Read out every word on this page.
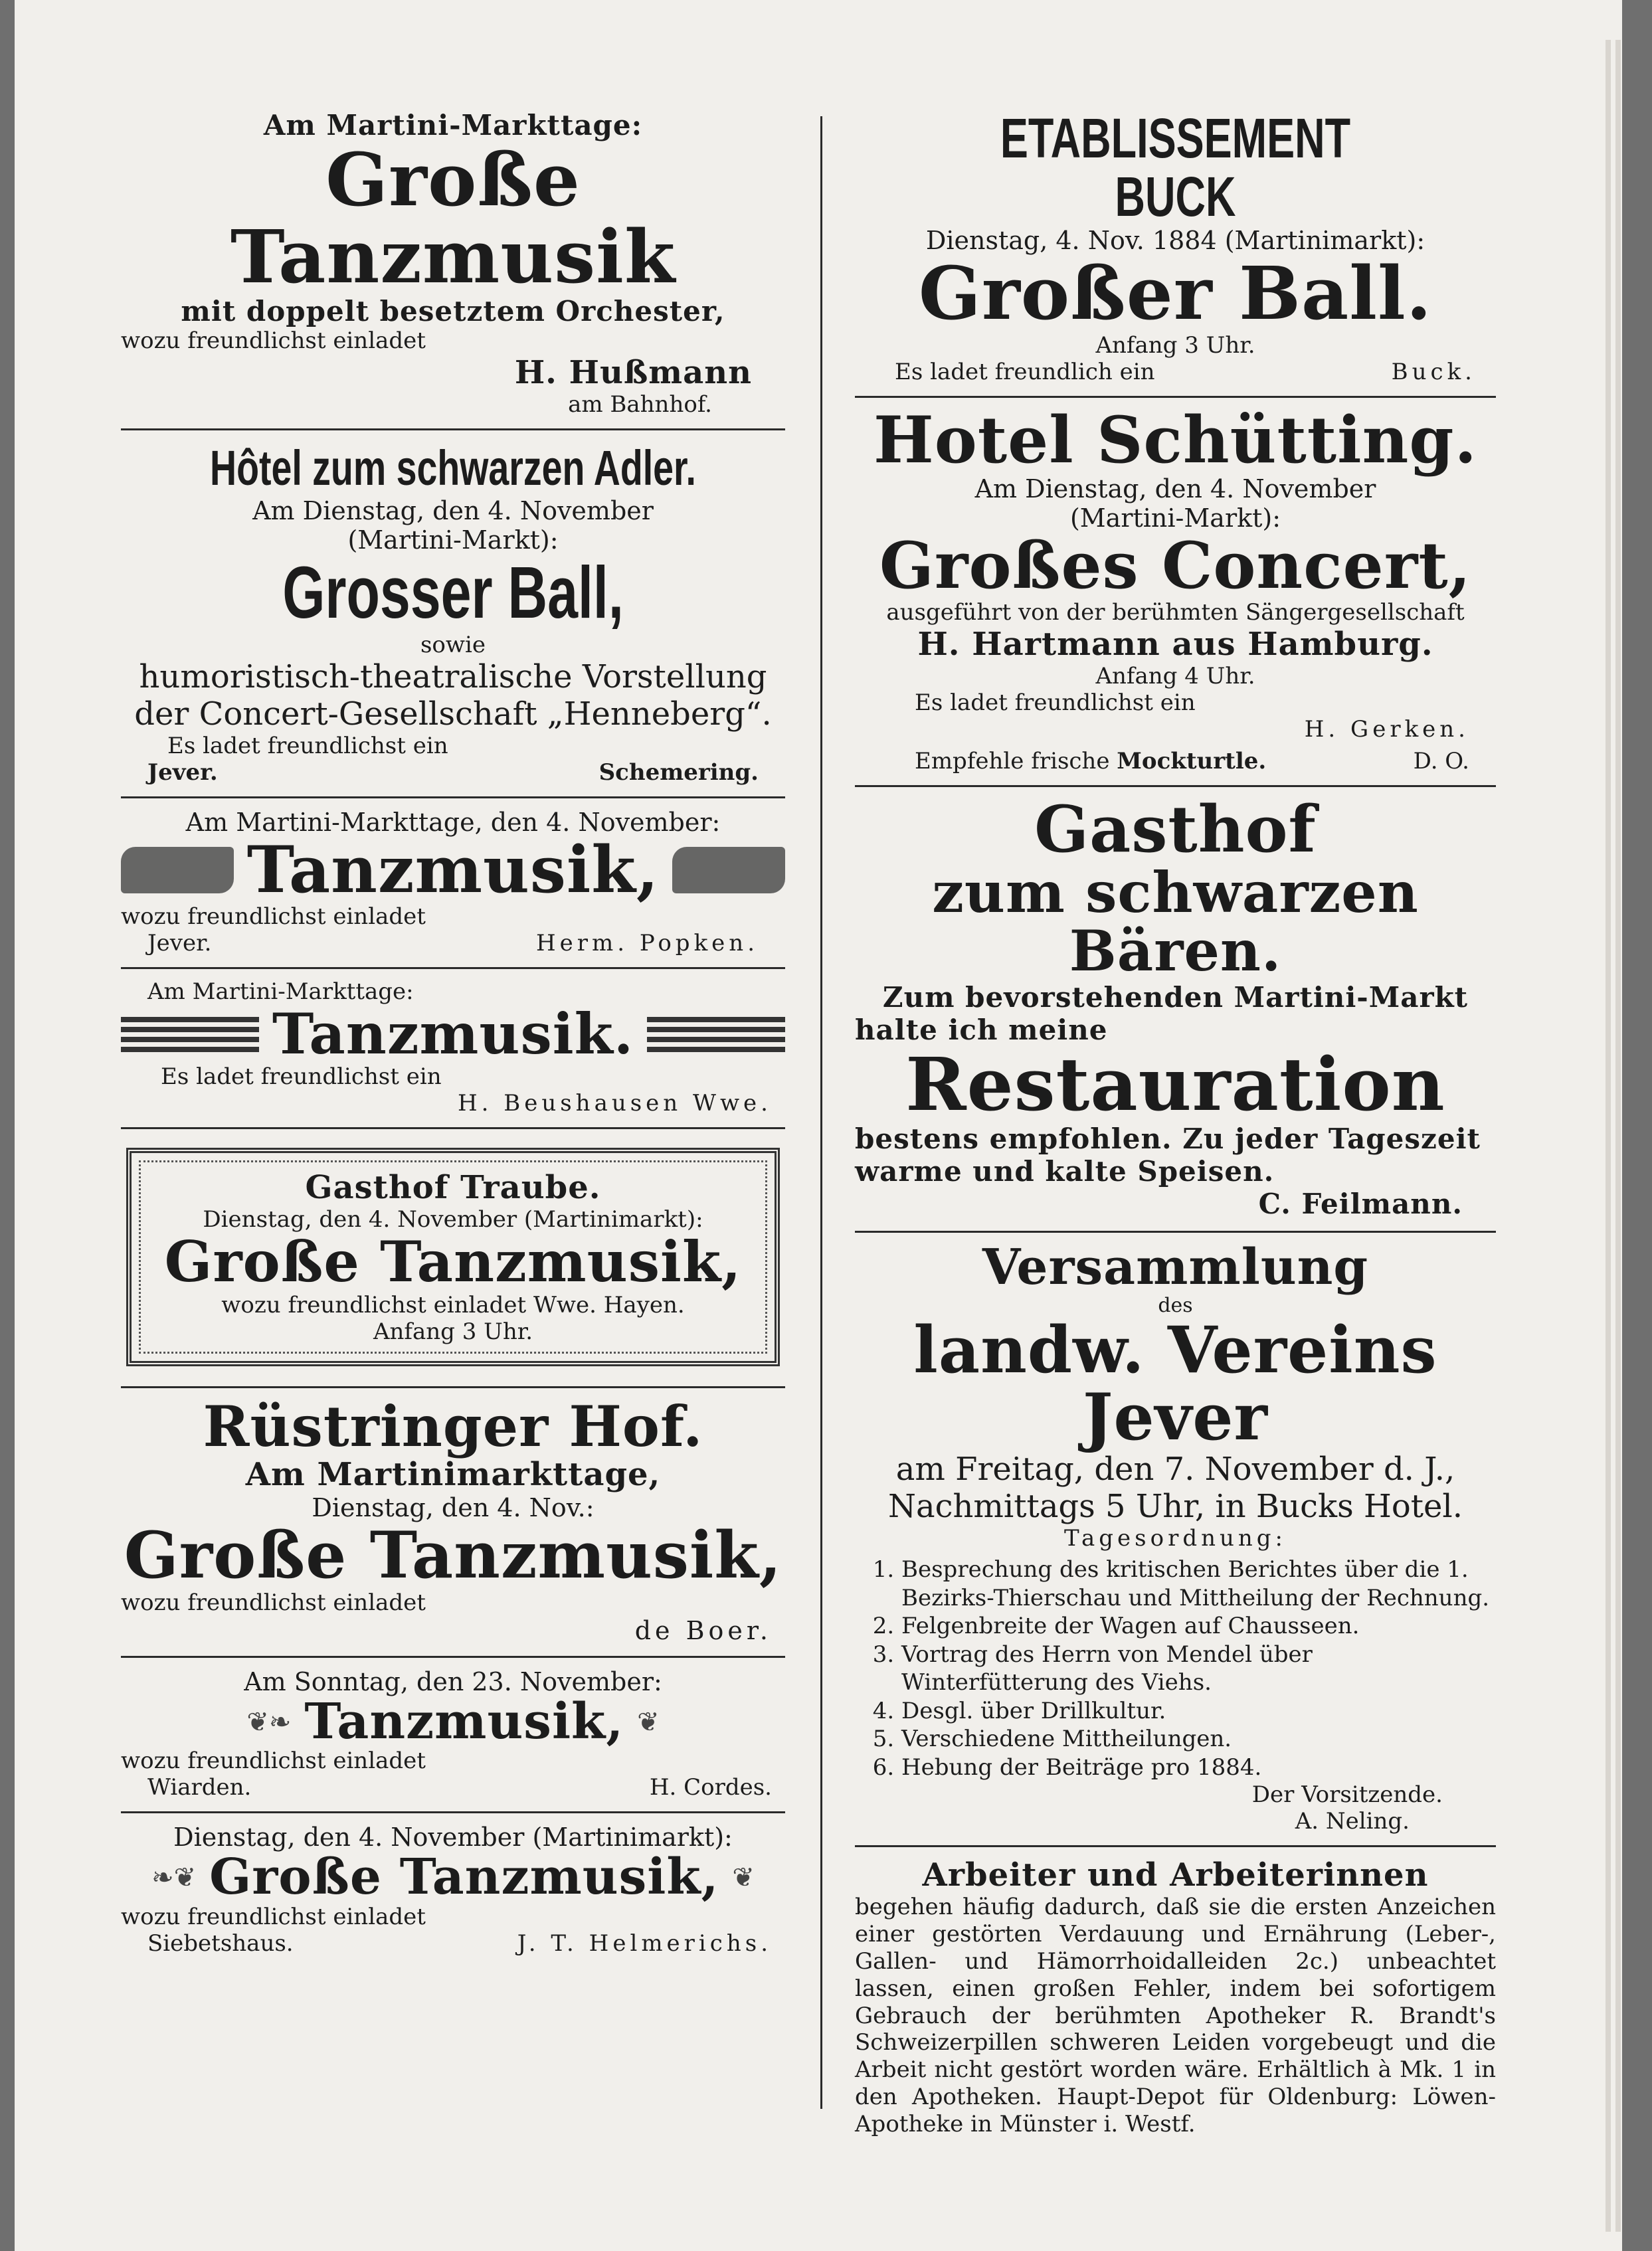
Am Martini-Markttage:
Große Tanzmusik
mit doppelt besetztem Orchester,
wozu freundlichst einladet
H. Hußmann
am Bahnhof.
Hôtel zum schwarzen Adler.
Am Dienstag, den 4. November
(Martini-Markt):
Grosser Ball,
sowie
humoristisch-theatralische Vorstellung
der Concert-Gesellschaft „Henneberg“.
Es ladet freundlichst ein
Jever.	Schemering.
Am Martini-Markttage, den 4. November:
Tanzmusik,
wozu freundlichst einladet
Jever.	Herm. Popken.
Am Martini-Markttage:
Tanzmusik.
Es ladet freundlichst ein
H. Beushausen Wwe.
Gasthof Traube.
Dienstag, den 4. November (Martinimarkt):
Große Tanzmusik,
wozu freundlichst einladet Wwe. Hayen.
Anfang 3 Uhr.
Rüstringer Hof.
Am Martinimarkttage,
Dienstag, den 4. Nov.:
Große Tanzmusik,
wozu freundlichst einladet
de Boer.
Am Sonntag, den 23. November:
❦❧ Tanzmusik, ❦
wozu freundlichst einladet
Wiarden.	H. Cordes.
Dienstag, den 4. November (Martinimarkt):
❧❦ Große Tanzmusik, ❦
wozu freundlichst einladet
Siebetshaus.	J. T. Helmerichs.
ETABLISSEMENT BUCK
Dienstag, 4. Nov. 1884 (Martinimarkt):
Großer Ball.
Anfang 3 Uhr.
Es ladet freundlich ein	Buck.
Hotel Schütting.
Am Dienstag, den 4. November
(Martini-Markt):
Großes Concert,
ausgeführt von der berühmten Sängergesellschaft
H. Hartmann aus Hamburg.
Anfang 4 Uhr.
Es ladet freundlichst ein
H. Gerken.
Empfehle frische Mockturtle.	D. O.
Gasthof
zum schwarzen Bären.
Zum bevorstehenden Martini-Markt
halte ich meine
Restauration
bestens empfohlen. Zu jeder Tageszeit
warme und kalte Speisen.
C. Feilmann.
Versammlung
des
landw. Vereins Jever
am Freitag, den 7. November d. J.,
Nachmittags 5 Uhr, in Bucks Hotel.
Tagesordnung:
1. Besprechung des kritischen Berichtes über die 1. Bezirks-Thierschau und Mittheilung der Rechnung.
2. Felgenbreite der Wagen auf Chausseen.
3. Vortrag des Herrn von Mendel über Winterfütterung des Viehs.
4. Desgl. über Drillkultur.
5. Verschiedene Mittheilungen.
6. Hebung der Beiträge pro 1884.
Der Vorsitzende.
A. Neling.
Arbeiter und Arbeiterinnen
begehen häufig dadurch, daß sie die ersten Anzeichen einer gestörten Verdauung und Ernährung (Leber-, Gallen- und Hämorrhoidalleiden 2c.) unbeachtet lassen, einen großen Fehler, indem bei sofortigem Gebrauch der berühmten Apotheker R. Brandt's Schweizerpillen schweren Leiden vorgebeugt und die Arbeit nicht gestört worden wäre. Erhältlich à Mk. 1 in den Apotheken. Haupt-Depot für Oldenburg: Löwen-Apotheke in Münster i. Westf.
